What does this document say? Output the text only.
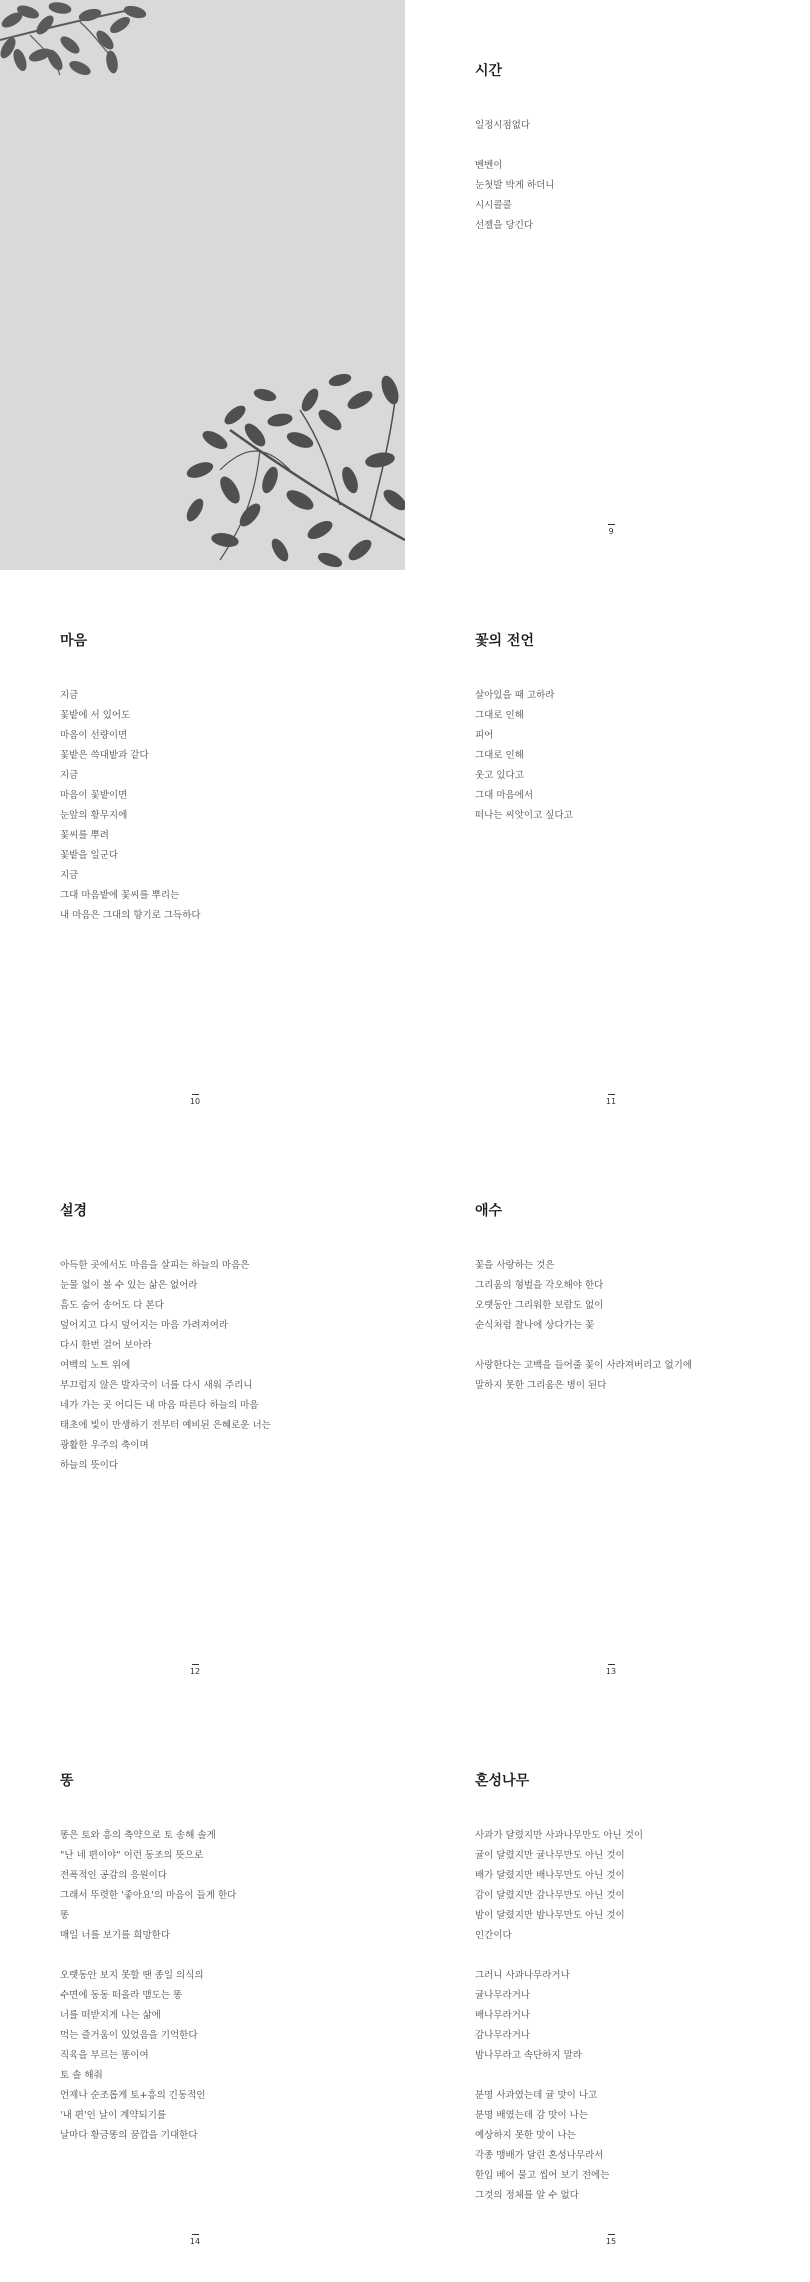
시간
일정시점없다
벤벤이
눈첫발 박게 하더니
시시콜콜
선젤을 당긴다
9
마음
지금
꽃밭에 서 있어도
마음이 선량이면
꽃밭은 쓱대밭과 같다
지금
마음이 꽃밭이면
눈앞의 황무지에
꽃씨를 뿌려
꽃밭을 일군다
지금
그대 마음밭에 꽃씨를 뿌리는
내 마음은 그대의 향기로 그득하다
10
꽃의 전언
살아있을 때 고하라
그대로 인해
피어
그대로 인해
웃고 있다고
그대 마음에서
떠나는 씨앗이고 싶다고
11
설경
아득한 곳에서도 마음을 살피는 하늘의 마음은
눈물 없이 볼 수 있는 삶은 없어라
흠도 숨어 송어도 다 본다
덮어지고 다시 덮어지는 마음 가려져여라
다시 한번 걸어 보아라
여백의 노트 위에
부끄럽지 않은 발자국이 너를 다시 새워 주리니
네가 가는 곳 어디든 내 마음 따른다 하늘의 마음
태초에 빛이 만생하기 전부터 예비된 은혜로운 너는
광활한 우주의 축이며
하늘의 뜻이다
12
애수
꽃을 사랑하는 것은
그리움의 형벌을 각오해야 한다
오랫동안 그리워한 보람도 없이
순식처럼 찰나에 상다가는 꽃
사랑한다는 고백을 들어줄 꽃이 사라져버리고 없기에
말하지 못한 그리움은 병이 된다
13
똥
똥은 토와 흥의 축약으로 토 송해 솔게
"난 네 편이야" 이런 동조의 뜻으로
전폭적인 공감의 응원이다
그래서 뚜렷한 '좋아요'의 마음이 들게 한다
똥
매일 너를 보기를 희망한다
오랫동안 보지 못할 땐 종일 의식의
수면에 동동 떠올라 맴도는 똥
너를 떠받지게 나는 삶에
먹는 즐거움이 있었음을 기억한다
직육을 부르는 똥이여
토 솔 해줘
언제나 순조롭게 토+흥의 긴동적인
'내 편'인 날이 계약되기를
날마다 황금똥의 꿈깝을 기대한다
14
혼성나무
사과가 달렸지만 사과나무만도 아닌 것이
귤이 달렸지만 귤나무만도 아닌 것이
배가 달렸지만 배나무만도 아닌 것이
감이 달렸지만 감나무만도 아닌 것이
밤이 달렸지만 밤나무만도 아닌 것이
인간이다
그러니 사과나무라거나
귤나무라거나
배나무라거나
감나무라거나
밤나무라고 속단하지 말라
분명 사과였는데 귤 맛이 나고
분명 배였는데 감 맛이 나는
예상하지 못한 맛이 나는
각종 맹배가 달린 혼성나무라서
한입 베어 물고 씹어 보기 전에는
그것의 정체를 알 수 없다
15
